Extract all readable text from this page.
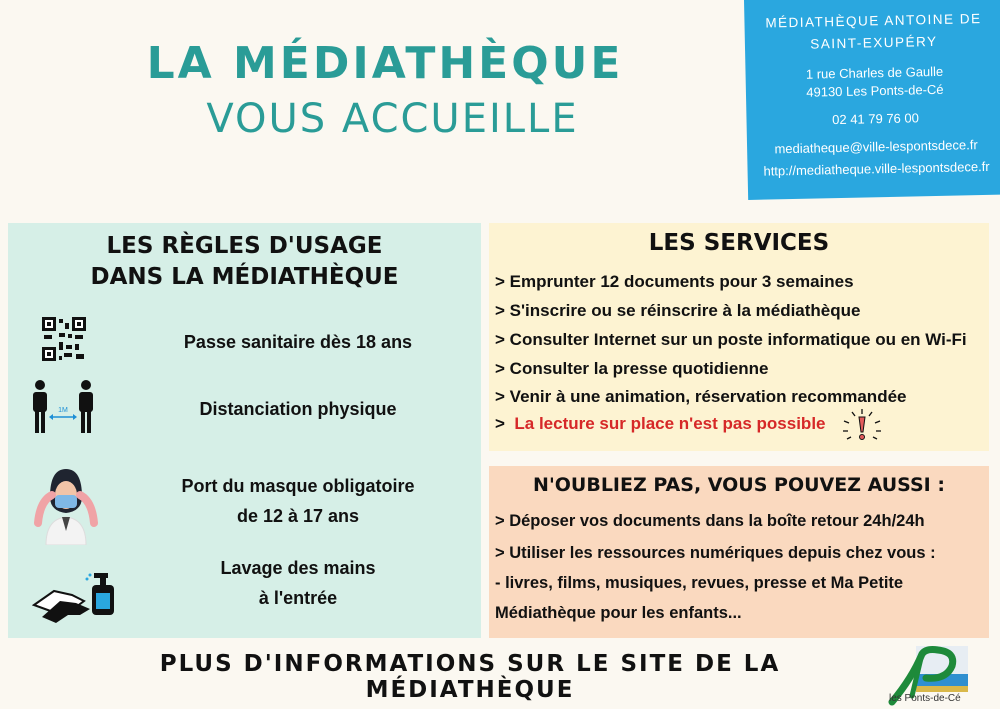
LA MÉDIATHÈQUE
VOUS ACCUEILLE
MÉDIATHÈQUE ANTOINE DE
SAINT-EXUPÉRY
1 rue Charles de Gaulle
49130 Les Ponts-de-Cé
02 41 79 76 00
mediatheque@ville-lespontsdece.fr
http://mediatheque.ville-lespontsdece.fr
LES RÈGLES D'USAGE
DANS LA MÉDIATHÈQUE
Passe sanitaire dès 18 ans
1M	Distanciation physique
Port du masque obligatoire
de 12 à 17 ans
Lavage des mains
à l'entrée
LES SERVICES
> Emprunter 12 documents pour 3 semaines
> S'inscrire ou se réinscrire à la médiathèque
> Consulter Internet sur un poste informatique ou en Wi-Fi
> Consulter la presse quotidienne
> Venir à une animation, réservation recommandée
> La lecture sur place n'est pas possible
N'OUBLIEZ PAS, VOUS POUVEZ AUSSI :
> Déposer vos documents dans la boîte retour 24h/24h
> Utiliser les ressources numériques depuis chez vous :
- livres, films, musiques, revues, presse et Ma Petite Médiathèque pour les enfants...
PLUS D'INFORMATIONS SUR LE SITE DE LA MÉDIATHÈQUE	les Ponts-de-Cé
